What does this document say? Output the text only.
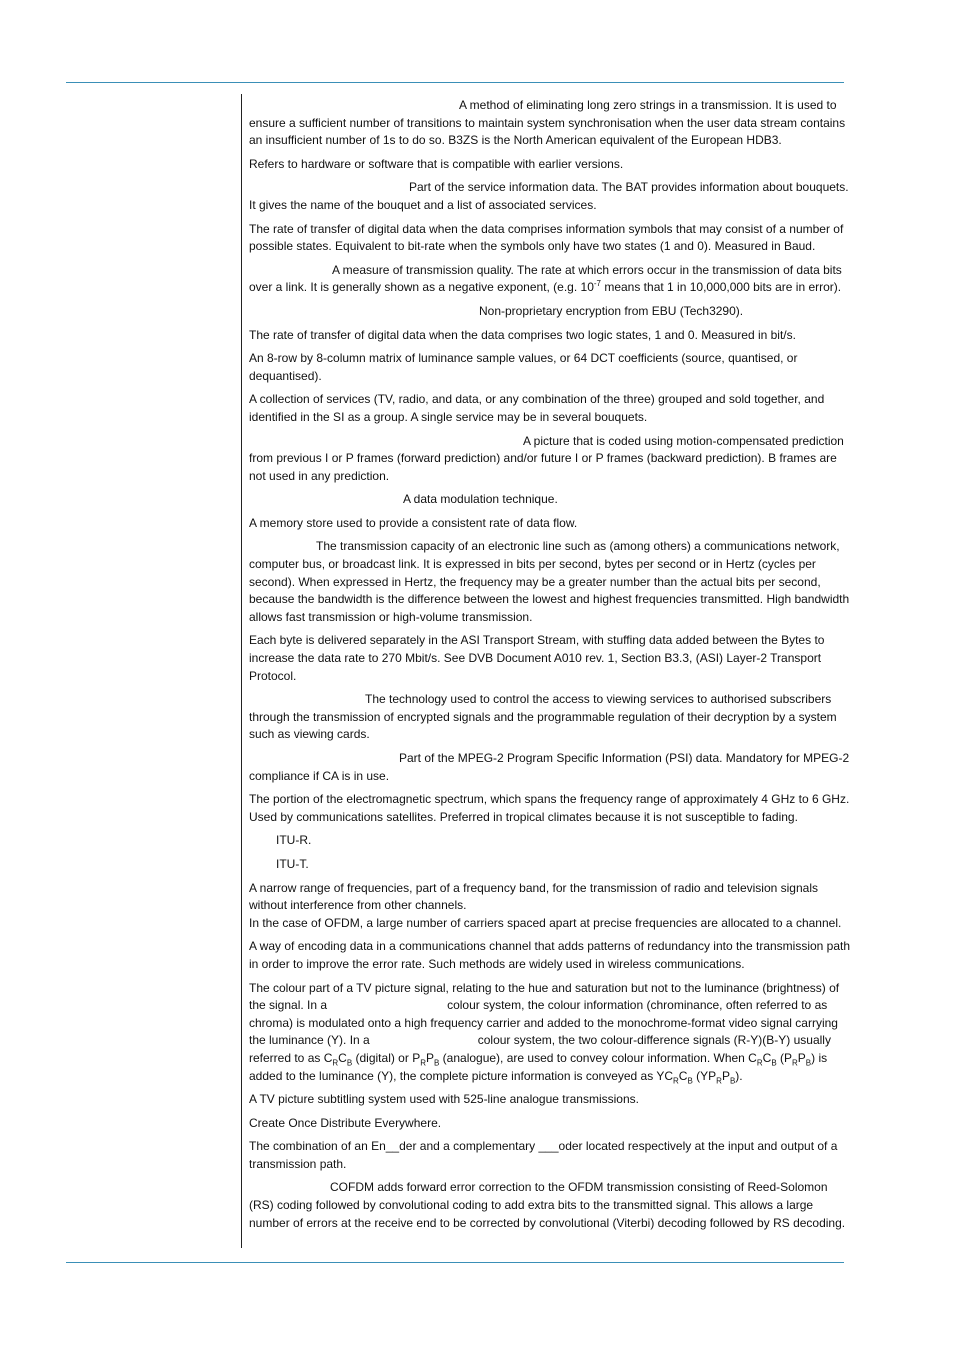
A method of eliminating long zero strings in a transmission. It is used to ensure a sufficient number of transitions to maintain system synchronisation when the user data stream contains an insufficient number of 1s to do so. B3ZS is the North American equivalent of the European HDB3.

Refers to hardware or software that is compatible with earlier versions.

Part of the service information data. The BAT provides information about bouquets. It gives the name of the bouquet and a list of associated services.

The rate of transfer of digital data when the data comprises information symbols that may consist of a number of possible states. Equivalent to bit-rate when the symbols only have two states (1 and 0). Measured in Baud.

A measure of transmission quality. The rate at which errors occur in the transmission of data bits over a link. It is generally shown as a negative exponent, (e.g. $10^{-7}$ means that 1 in 10,000,000 bits are in error).

Non-proprietary encryption from EBU (Tech3290).

The rate of transfer of digital data when the data comprises two logic states, 1 and 0. Measured in bit/s.

An 8-row by 8-column matrix of luminance sample values, or 64 DCT coefficients (source, quantised, or dequantised).

A collection of services (TV, radio, and data, or any combination of the three) grouped and sold together, and identified in the SI as a group. A single service may be in several bouquets.

A picture that is coded using motion-compensated prediction from previous I or P frames (forward prediction) and/or future I or P frames (backward prediction). B frames are not used in any prediction.

A data modulation technique.

A memory store used to provide a consistent rate of data flow.

The transmission capacity of an electronic line such as (among others) a communications network, computer bus, or broadcast link. It is expressed in bits per second, bytes per second or in Hertz (cycles per second). When expressed in Hertz, the frequency may be a greater number than the actual bits per second, because the bandwidth is the difference between the lowest and highest frequencies transmitted. High bandwidth allows fast transmission or high-volume transmission.

Each byte is delivered separately in the ASI Transport Stream, with stuffing data added between the Bytes to increase the data rate to 270 Mbit/s. See DVB Document A010 rev. 1, Section B3.3, (ASI) Layer-2 Transport Protocol.

The technology used to control the access to viewing services to authorised subscribers through the transmission of encrypted signals and the programmable regulation of their decryption by a system such as viewing cards.

Part of the MPEG-2 Program Specific Information (PSI) data. Mandatory for MPEG-2 compliance if CA is in use.

The portion of the electromagnetic spectrum, which spans the frequency range of approximately 4 GHz to 6 GHz. Used by communications satellites. Preferred in tropical climates because it is not susceptible to fading.

ITU-R.

ITU-T.

A narrow range of frequencies, part of a frequency band, for the transmission of radio and television signals without interference from other channels.
In the case of OFDM, a large number of carriers spaced apart at precise frequencies are allocated to a channel.

A way of encoding data in a communications channel that adds patterns of redundancy into the transmission path in order to improve the error rate. Such methods are widely used in wireless communications.

The colour part of a TV picture signal, relating to the hue and saturation but not to the luminance (brightness) of the signal. In a	colour system, the colour information (chrominance, often referred to as chroma) is modulated onto a high frequency carrier and added to the monochrome-format video signal carrying the luminance (Y). In a	colour system, the two colour-difference signals (R-Y)(B-Y) usually referred to as $C_RC_B$ (digital) or $P_RP_B$ (analogue), are used to convey colour information. When $C_RC_B$ $(P_RP_B)$ is added to the luminance (Y), the complete picture information is conveyed as $YC_RC_B$ $(YP_RP_B)$.

A TV picture subtitling system used with 525-line analogue transmissions.

Create Once Distribute Everywhere.

The combination of an En__der and a complementary ___oder located respectively at the input and output of a transmission path.

COFDM adds forward error correction to the OFDM transmission consisting of Reed-Solomon (RS) coding followed by convolutional coding to add extra bits to the transmitted signal. This allows a large number of errors at the receive end to be corrected by convolutional (Viterbi) decoding followed by RS decoding.
